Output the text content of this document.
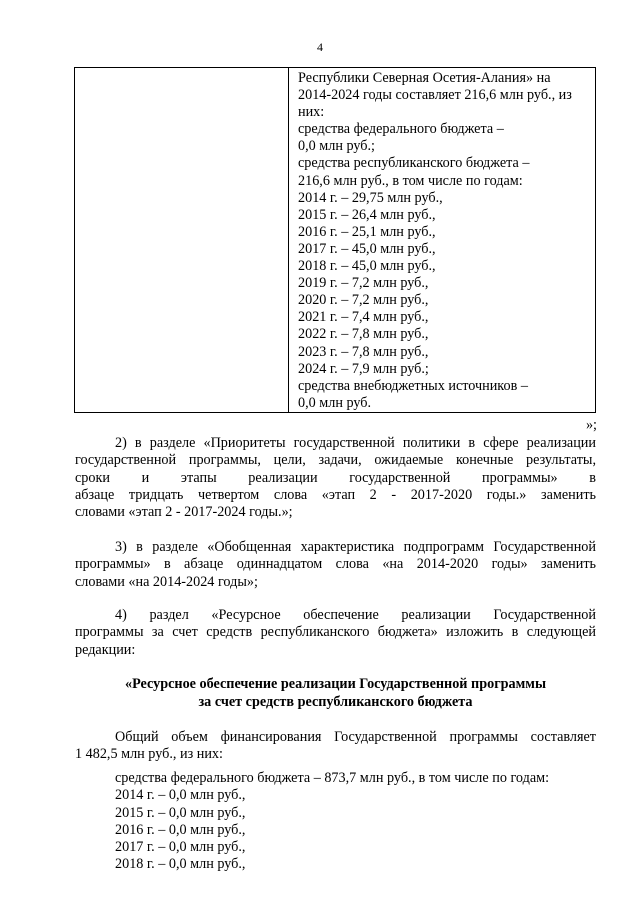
4
Республики Северная Осетия-Алания» на
2014-2024 годы составляет 216,6 млн руб., из
них:
средства федерального бюджета –
0,0 млн руб.;
средства республиканского бюджета –
216,6 млн руб., в том числе по годам:
2014 г. – 29,75 млн руб.,
2015 г. – 26,4 млн руб.,
2016 г. – 25,1 млн руб.,
2017 г. – 45,0 млн руб.,
2018 г. – 45,0 млн руб.,
2019 г. – 7,2 млн руб.,
2020 г. – 7,2 млн руб.,
2021 г. – 7,4 млн руб.,
2022 г. – 7,8 млн руб.,
2023 г. – 7,8 млн руб.,
2024 г. – 7,9 млн руб.;
средства внебюджетных источников –
0,0 млн руб.
»;
2) в разделе «Приоритеты государственной политики в сфере реализации
государственной программы, цели, задачи, ожидаемые конечные результаты,
сроки и этапы реализации государственной программы» в
абзаце тридцать четвертом слова «этап 2 - 2017-2020 годы.» заменить
словами «этап 2 - 2017-2024 годы.»;
3) в разделе «Обобщенная характеристика подпрограмм Государственной
программы» в абзаце одиннадцатом слова «на 2014-2020 годы» заменить
словами «на 2014-2024 годы»;
4) раздел «Ресурсное обеспечение реализации Государственной
программы за счет средств республиканского бюджета» изложить в следующей
редакции:
«Ресурсное обеспечение реализации Государственной программы
за счет средств республиканского бюджета
Общий объем финансирования Государственной программы составляет
1 482,5 млн руб., из них:
средства федерального бюджета – 873,7 млн руб., в том числе по годам:
2014 г. – 0,0 млн руб.,
2015 г. – 0,0 млн руб.,
2016 г. – 0,0 млн руб.,
2017 г. – 0,0 млн руб.,
2018 г. – 0,0 млн руб.,
